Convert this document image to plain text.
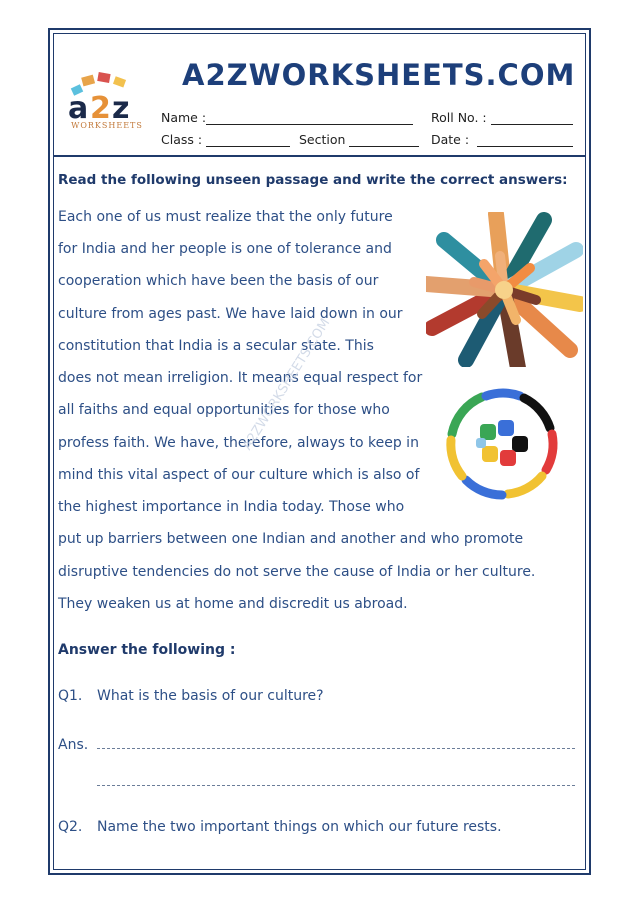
a 2 z
WORKSHEETS
A2ZWORKSHEETS.COM
Name :	Roll No. :
Class :	Section	Date :
Read the following unseen passage and write the correct answers:
Each one of us must realize that the only future
for India and her people is one of tolerance and
cooperation which have been the basis of our
culture from ages past. We have laid down in our
constitution that India is a secular state. This
does not mean irreligion. It means equal respect for
all faiths and equal opportunities for those who
profess faith. We have, therefore, always to keep in
mind this vital aspect of our culture which is also of
the highest importance in India today. Those who
put up barriers between one Indian and another and who promote
disruptive tendencies do not serve the cause of India or her culture.
They weaken us at home and discredit us abroad.
A2ZWORKSHEETS.COM
Answer the following :
Q1. What is the basis of our culture?
Ans.
Q2. Name the two important things on which our future rests.
